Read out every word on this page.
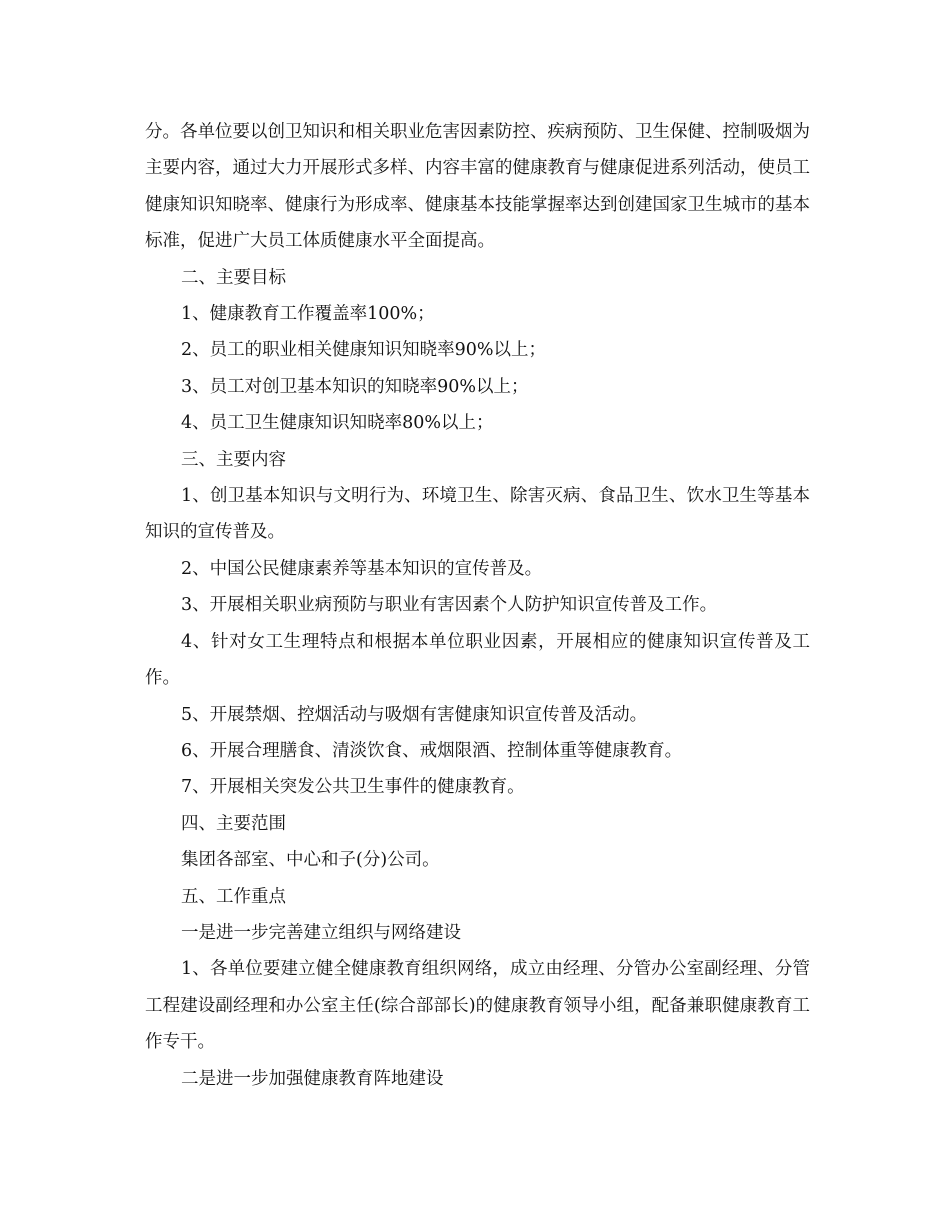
分。各单位要以创卫知识和相关职业危害因素防控、疾病预防、卫生保健、控制吸烟为主要内容，通过大力开展形式多样、内容丰富的健康教育与健康促进系列活动，使员工健康知识知晓率、健康行为形成率、健康基本技能掌握率达到创建国家卫生城市的基本标准，促进广大员工体质健康水平全面提高。

二、主要目标

1、健康教育工作覆盖率100%；

2、员工的职业相关健康知识知晓率90%以上；

3、员工对创卫基本知识的知晓率90%以上；

4、员工卫生健康知识知晓率80%以上；

三、主要内容

1、创卫基本知识与文明行为、环境卫生、除害灭病、食品卫生、饮水卫生等基本知识的宣传普及。

2、中国公民健康素养等基本知识的宣传普及。

3、开展相关职业病预防与职业有害因素个人防护知识宣传普及工作。

4、针对女工生理特点和根据本单位职业因素，开展相应的健康知识宣传普及工作。

5、开展禁烟、控烟活动与吸烟有害健康知识宣传普及活动。

6、开展合理膳食、清淡饮食、戒烟限酒、控制体重等健康教育。

7、开展相关突发公共卫生事件的健康教育。

四、主要范围

集团各部室、中心和子(分)公司。

五、工作重点

一是进一步完善建立组织与网络建设

1、各单位要建立健全健康教育组织网络，成立由经理、分管办公室副经理、分管工程建设副经理和办公室主任(综合部部长)的健康教育领导小组，配备兼职健康教育工作专干。

二是进一步加强健康教育阵地建设
